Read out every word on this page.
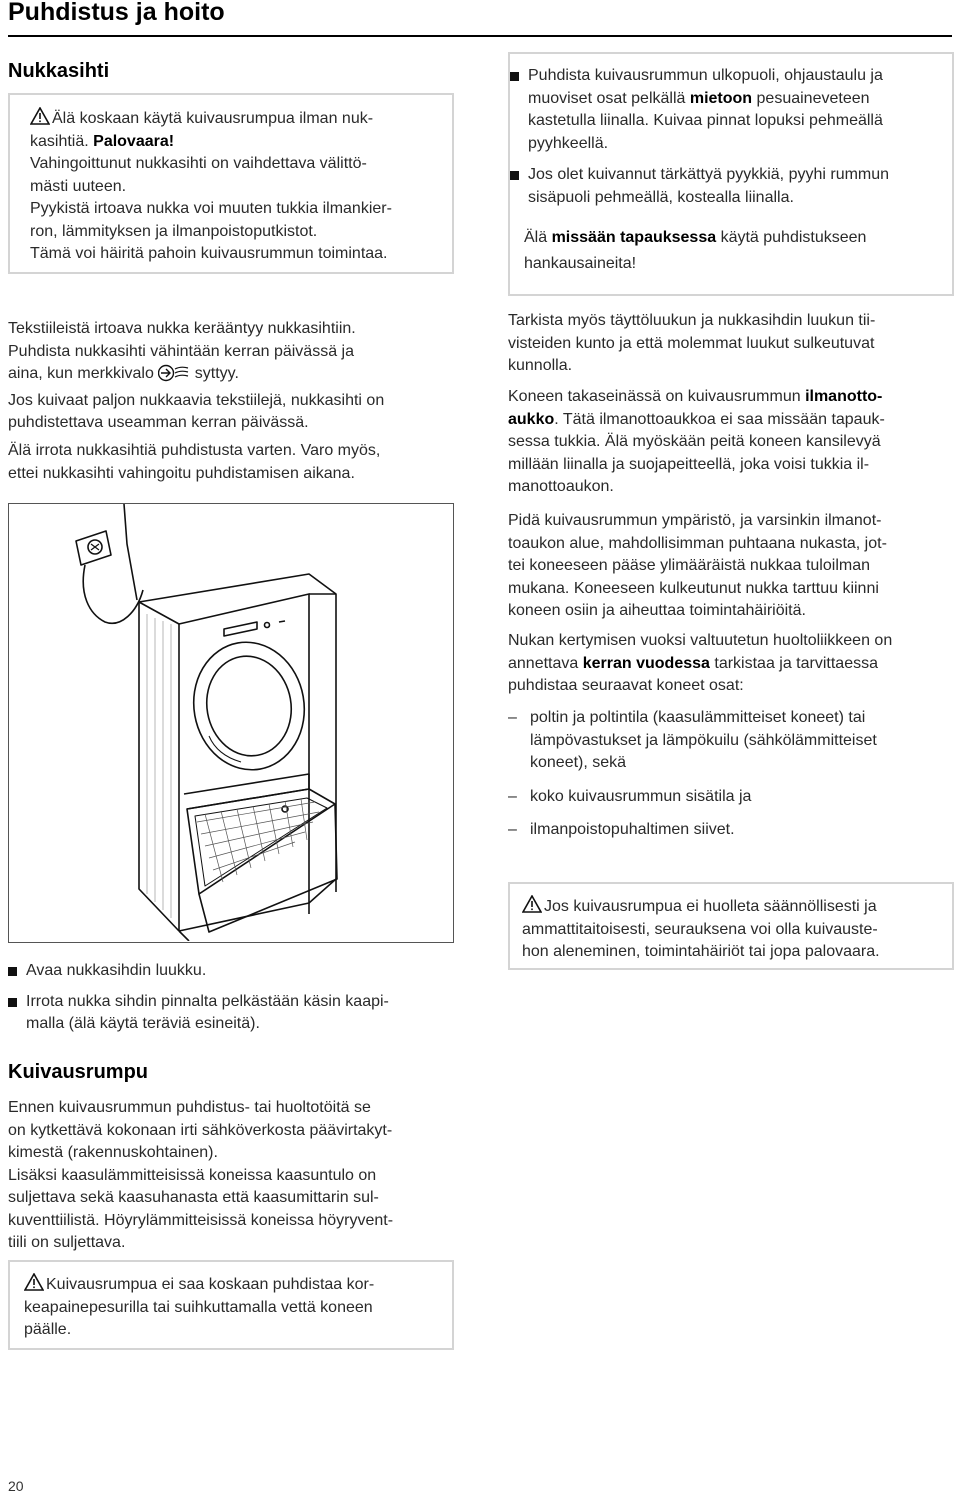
Puhdistus ja hoito
Nukkasihti

Älä koskaan käytä kuivausrumpua ilman nuk-

kasihtiä. Palovaara!

Vahingoittunut nukkasihti on vaihdettava välittö-

mästi uuteen.

Pyykistä irtoava nukka voi muuten tukkia ilmankier-

ron, lämmityksen ja ilmanpoistoputkistot.

Tämä voi häiritä pahoin kuivausrummun toimintaa.

Tekstiileistä irtoava nukka kerääntyy nukkasihtiin.

Puhdista nukkasihti vähintään kerran päivässä ja

aina, kun merkkivalo  syttyy.

Jos kuivaat paljon nukkaavia tekstiilejä, nukkasihti on

puhdistettava useamman kerran päivässä.

Älä irrota nukkasihtiä puhdistusta varten. Varo myös,

ettei nukkasihti vahingoitu puhdistamisen aikana.

Avaa nukkasihdin luukku.

Irrota nukka sihdin pinnalta pelkästään käsin kaapi-

malla (älä käytä teräviä esineitä).

Kuivausrumpu

Ennen kuivausrummun puhdistus- tai huoltotöitä se

on kytkettävä kokonaan irti sähköverkosta päävirtakyt-

kimestä (rakennuskohtainen).

Lisäksi kaasulämmitteisissä koneissa kaasuntulo on

suljettava sekä kaasuhanasta että kaasumittarin sul-

kuventtiilistä. Höyrylämmitteisissä koneissa höyryvent-

tiili on suljettava.

Kuivausrumpua ei saa koskaan puhdistaa kor-

keapainepesurilla tai suihkuttamalla vettä koneen

päälle.

Puhdista kuivausrummun ulkopuoli, ohjaustaulu ja

muoviset osat pelkällä mietoon pesuaineveteen

kastetulla liinalla. Kuivaa pinnat lopuksi pehmeällä

pyyhkeellä.

Jos olet kuivannut tärkättyä pyykkiä, pyyhi rummun

sisäpuoli pehmeällä, kostealla liinalla.

Älä missään tapauksessa käytä puhdistukseen

hankausaineita!

Tarkista myös täyttöluukun ja nukkasihdin luukun tii-

visteiden kunto ja että molemmat luukut sulkeutuvat

kunnolla.

Koneen takaseinässä on kuivausrummun ilmanotto-

aukko. Tätä ilmanottoaukkoa ei saa missään tapauk-

sessa tukkia. Älä myöskään peitä koneen kansilevyä

millään liinalla ja suojapeitteellä, joka voisi tukkia il-

manottoaukon.

Pidä kuivausrummun ympäristö, ja varsinkin ilmanot-

toaukon alue, mahdollisimman puhtaana nukasta, jot-

tei koneeseen pääse ylimääräistä nukkaa tuloilman

mukana. Koneeseen kulkeutunut nukka tarttuu kiinni

koneen osiin ja aiheuttaa toimintahäiriöitä.

Nukan kertymisen vuoksi valtuutetun huoltoliikkeen on

annettava kerran vuodessa tarkistaa ja tarvittaessa

puhdistaa seuraavat koneet osat:

– poltin ja poltintila (kaasulämmitteiset koneet) tai

lämpövastukset ja lämpökuilu (sähkölämmitteiset

koneet), sekä

– koko kuivausrummun sisätila ja

– ilmanpoistopuhaltimen siivet.

Jos kuivausrumpua ei huolleta säännöllisesti ja

ammattitaitoisesti, seurauksena voi olla kuivauste-

hon aleneminen, toimintahäiriöt tai jopa palovaara.

20
